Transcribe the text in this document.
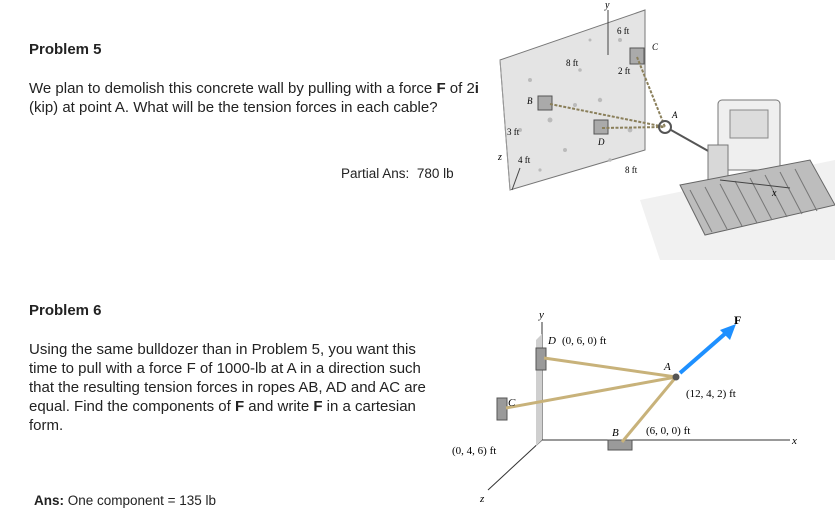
Problem 5
We plan to demolish this concrete wall by pulling with a force F of 2i (kip) at point A. What will be the tension forces in each cable?
Partial Ans: 780 lb
y
z
x
6 ft
8 ft
2 ft
3 ft
4 ft
8 ft
B
C
D
A
Problem 6
Using the same bulldozer than in Problem 5, you want this time to pull with a force F of 1000-lb at A in a direction such that the resulting tension forces in ropes AB, AD and AC are equal. Find the components of F and write F in a cartesian form.
Ans: One component = 135 lb
y
x
z
D (0, 6, 0) ft
F
A
(12, 4, 2) ft
C
B (6, 0, 0) ft
(0, 4, 6) ft
